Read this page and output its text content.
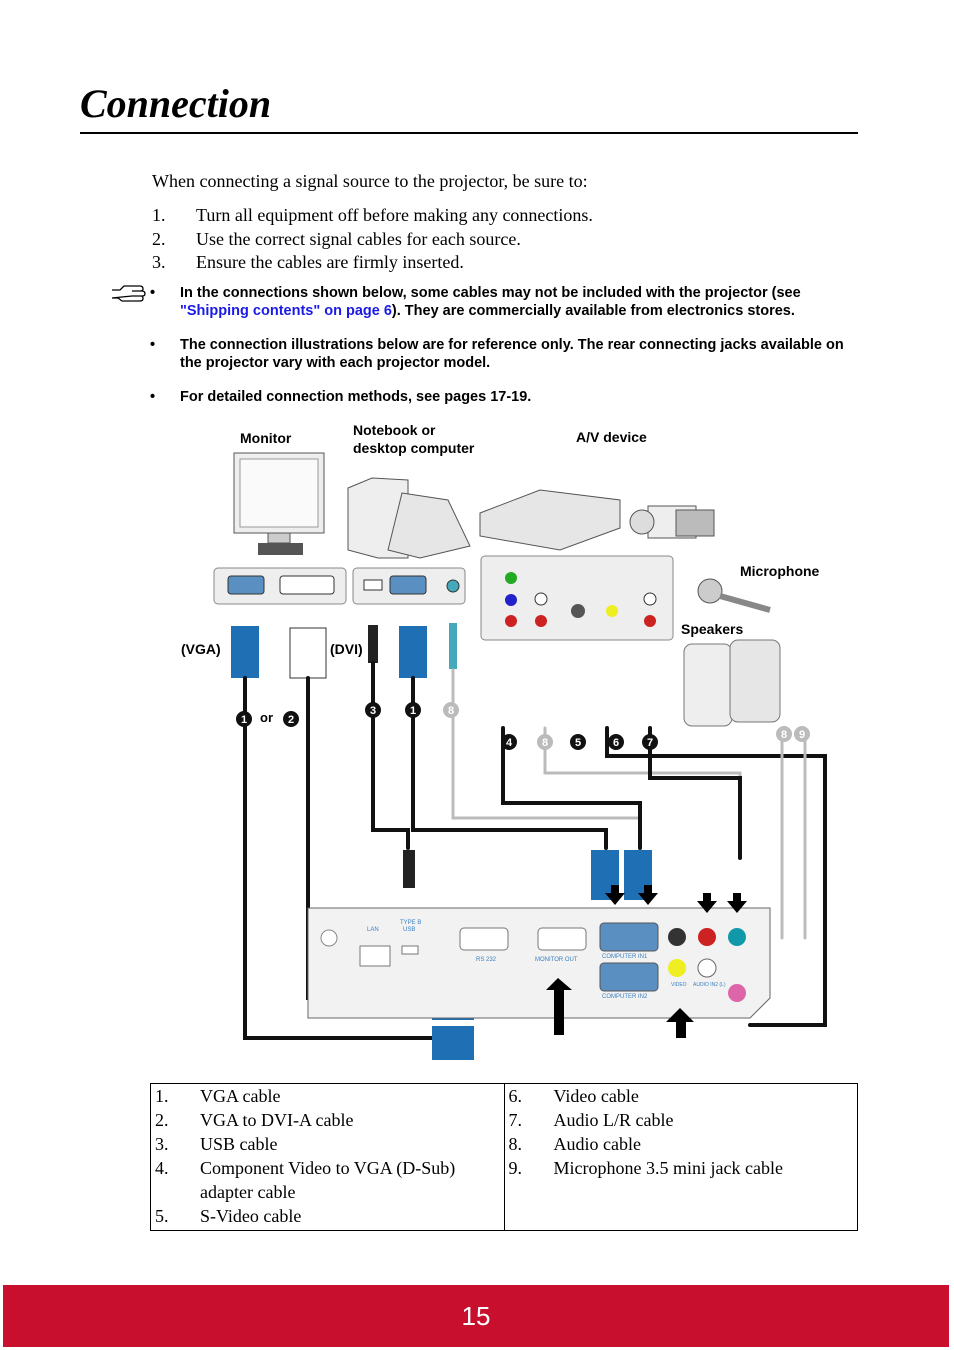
Connection
When connecting a signal source to the projector, be sure to:
1.	Turn all equipment off before making any connections.
2.	Use the correct signal cables for each source.
3.	Ensure the cables are firmly inserted.
•	In the connections shown below, some cables may not be included with the projector (see "Shipping contents" on page 6). They are commercially available from electronics stores.
•	The connection illustrations below are for reference only. The rear connecting jacks available on the projector vary with each projector model.
•	For detailed connection methods, see pages 17-19.
Monitor	Notebook or
desktop computer
A/V device
Microphone
Speakers
(VGA)	(DVI)
or
LAN
TYPE B
USB
RS 232	MONITOR OUT	COMPUTER IN1
COMPUTER IN2
VIDEO AUDIO IN2 (L)
1	2
3	1	8
4	8 5	6	7
8 9
1.	VGA cable
2.	VGA to DVI-A cable
3.	USB cable
4.	Component Video to VGA (D-Sub) adapter cable
5.	S-Video cable
6.	Video cable
7.	Audio L/R cable
8.	Audio cable
9.	Microphone 3.5 mini jack cable
15
